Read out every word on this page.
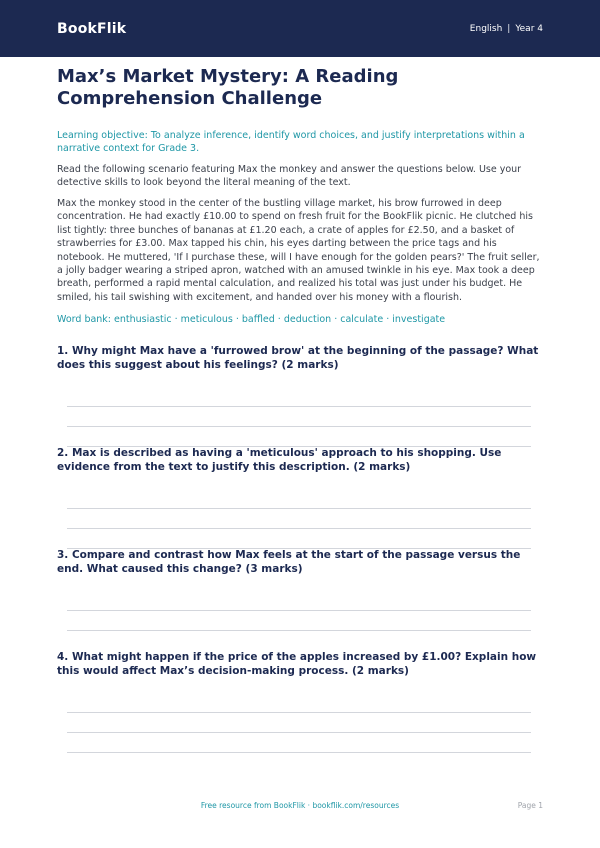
BookFlik	English | Year 4
Max’s Market Mystery: A Reading Comprehension Challenge
Learning objective: To analyze inference, identify word choices, and justify interpretations within a narrative context for Grade 3.
Read the following scenario featuring Max the monkey and answer the questions below. Use your detective skills to look beyond the literal meaning of the text.
Max the monkey stood in the center of the bustling village market, his brow furrowed in deep concentration. He had exactly £10.00 to spend on fresh fruit for the BookFlik picnic. He clutched his list tightly: three bunches of bananas at £1.20 each, a crate of apples for £2.50, and a basket of strawberries for £3.00. Max tapped his chin, his eyes darting between the price tags and his notebook. He muttered, 'If I purchase these, will I have enough for the golden pears?' The fruit seller, a jolly badger wearing a striped apron, watched with an amused twinkle in his eye. Max took a deep breath, performed a rapid mental calculation, and realized his total was just under his budget. He smiled, his tail swishing with excitement, and handed over his money with a flourish.
Word bank: enthusiastic · meticulous · baffled · deduction · calculate · investigate

1. Why might Max have a 'furrowed brow' at the beginning of the passage? What does this suggest about his feelings? (2 marks)

2. Max is described as having a 'meticulous' approach to his shopping. Use evidence from the text to justify this description. (2 marks)

3. Compare and contrast how Max feels at the start of the passage versus the end. What caused this change? (3 marks)

4. What might happen if the price of the apples increased by £1.00? Explain how this would affect Max’s decision-making process. (2 marks)

Free resource from BookFlik · bookflik.com/resources	Page 1
